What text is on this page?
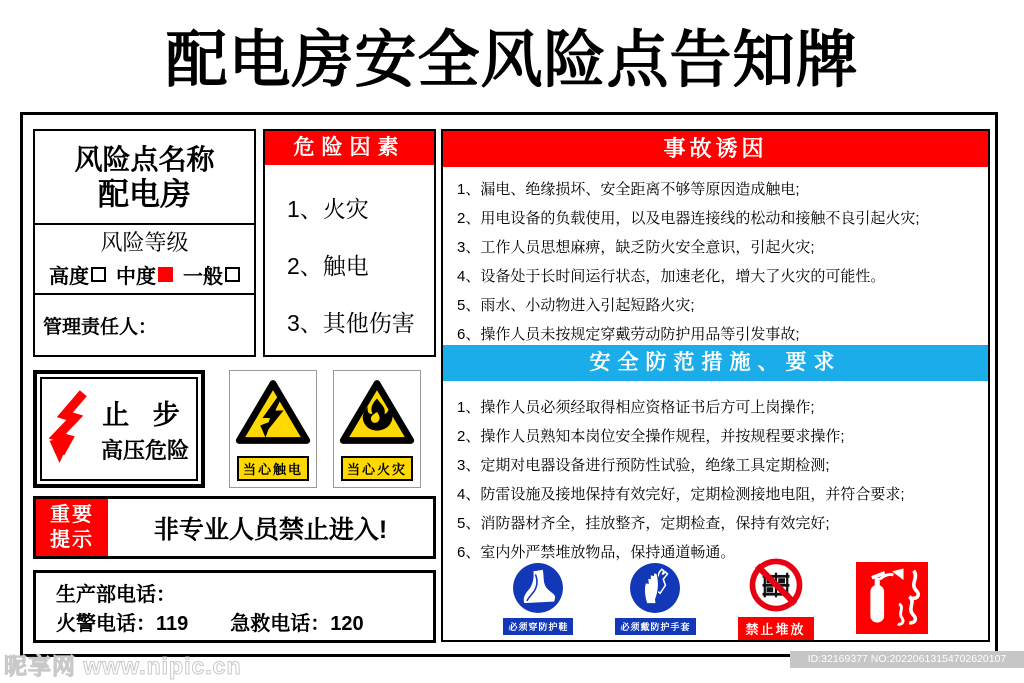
配电房安全风险点告知牌
风险点名称
配电房
风险等级
高度 中度 一般
管理责任人：
危险因素
1、火灾
2、触电
3、其他伤害
事故诱因
1、漏电、绝缘损坏、安全距离不够等原因造成触电;
2、用电设备的负载使用，以及电器连接线的松动和接触不良引起火灾;
3、工作人员思想麻痹，缺乏防火安全意识，引起火灾;
4、设备处于长时间运行状态，加速老化，增大了火灾的可能性。
5、雨水、小动物进入引起短路火灾;
6、操作人员未按规定穿戴劳动防护用品等引发事故;
安全防范措施、要求
1、操作人员必须经取得相应资格证书后方可上岗操作;
2、操作人员熟知本岗位安全操作规程，并按规程要求操作;
3、定期对电器设备进行预防性试验，绝缘工具定期检测;
4、防雷设施及接地保持有效完好，定期检测接地电阻，并符合要求;
5、消防器材齐全，挂放整齐，定期检查，保持有效完好;
6、室内外严禁堆放物品，保持通道畅通。
必须穿防护鞋	必须戴防护手套	禁止堆放
止 步
高压危险
当心触电	当心火灾
重要
提示	非专业人员禁止进入!
生产部电话：
火警电话：119 急救电话：120
昵享网 www.nipic.cn	ID:32169377 NO:20220613154702620107
